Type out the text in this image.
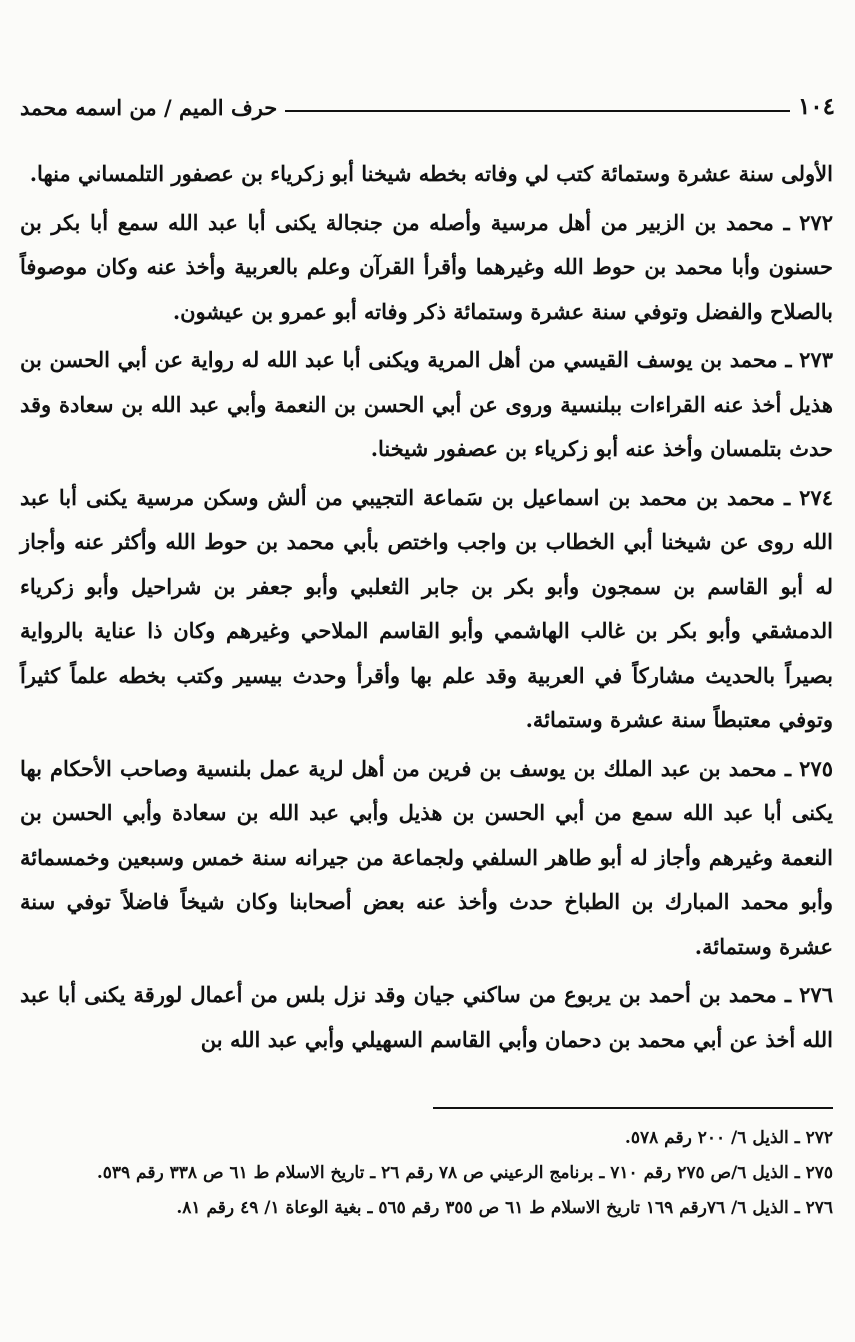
حرف الميم / من اسمه محمد	١٠٤

الأولى سنة عشرة وستمائة كتب لي وفاته بخطه شيخنا أبو زكرياء بن عصفور التلمساني منها.

٢٧٢ ـ محمد بن الزبير من أهل مرسية وأصله من جنجالة يكنى أبا عبد الله سمع أبا بكر بن حسنون وأبا محمد بن حوط الله وغيرهما وأقرأ القرآن وعلم بالعربية وأخذ عنه وكان موصوفاً بالصلاح والفضل وتوفي سنة عشرة وستمائة ذكر وفاته أبو عمرو بن عيشون.

٢٧٣ ـ محمد بن يوسف القيسي من أهل المرية ويكنى أبا عبد الله له رواية عن أبي الحسن بن هذيل أخذ عنه القراءات ببلنسية وروى عن أبي الحسن بن النعمة وأبي عبد الله بن سعادة وقد حدث بتلمسان وأخذ عنه أبو زكرياء بن عصفور شيخنا.

٢٧٤ ـ محمد بن محمد بن اسماعيل بن سَماعة التجيبي من ألش وسكن مرسية يكنى أبا عبد الله روى عن شيخنا أبي الخطاب بن واجب واختص بأبي محمد بن حوط الله وأكثر عنه وأجاز له أبو القاسم بن سمجون وأبو بكر بن جابر الثعلبي وأبو جعفر بن شراحيل وأبو زكرياء الدمشقي وأبو بكر بن غالب الهاشمي وأبو القاسم الملاحي وغيرهم وكان ذا عناية بالرواية بصيراً بالحديث مشاركاً في العربية وقد علم بها وأقرأ وحدث بيسير وكتب بخطه علماً كثيراً وتوفي معتبطاً سنة عشرة وستمائة.

٢٧٥ ـ محمد بن عبد الملك بن يوسف بن فرين من أهل لرية عمل بلنسية وصاحب الأحكام بها يكنى أبا عبد الله سمع من أبي الحسن بن هذيل وأبي عبد الله بن سعادة وأبي الحسن بن النعمة وغيرهم وأجاز له أبو طاهر السلفي ولجماعة من جيرانه سنة خمس وسبعين وخمسمائة وأبو محمد المبارك بن الطباخ حدث وأخذ عنه بعض أصحابنا وكان شيخاً فاضلاً توفي سنة عشرة وستمائة.

٢٧٦ ـ محمد بن أحمد بن يربوع من ساكني جيان وقد نزل بلس من أعمال لورقة يكنى أبا عبد الله أخذ عن أبي محمد بن دحمان وأبي القاسم السهيلي وأبي عبد الله بن

٢٧٢ ـ الذيل ٦/ ٢٠٠ رقم ٥٧٨.

٢٧٥ ـ الذيل ٦/ص ٢٧٥ رقم ٧١٠ ـ برنامج الرعيني ص ٧٨ رقم ٢٦ ـ تاريخ الاسلام ط ٦١ ص ٣٣٨ رقم ٥٣٩.

٢٧٦ ـ الذيل ٦/ ٧٦رقم ١٦٩ تاريخ الاسلام ط ٦١ ص ٣٥٥ رقم ٥٦٥ ـ بغية الوعاة ١/ ٤٩ رقم ٨١.
